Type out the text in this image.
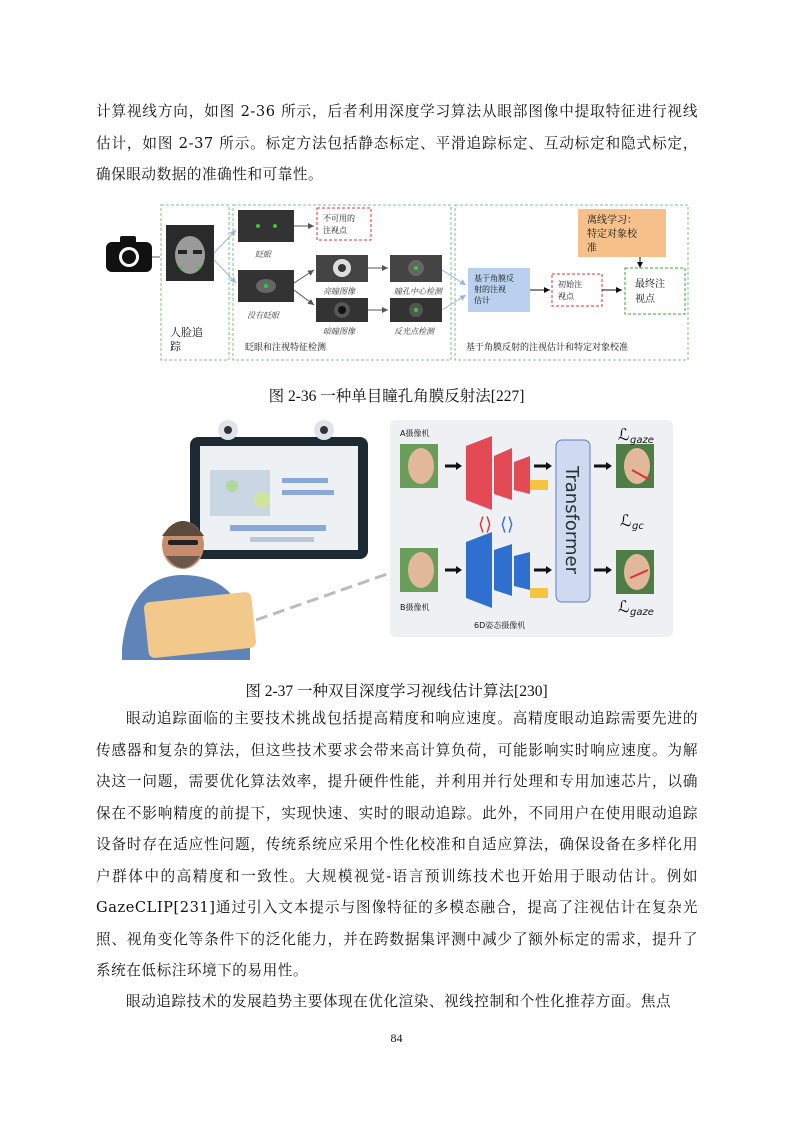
计算视线方向，如图 2-36 所示，后者利用深度学习算法从眼部图像中提取特征进行视线估计，如图 2-37 所示。标定方法包括静态标定、平滑追踪标定、互动标定和隐式标定，确保眼动数据的准确性和可靠性。

人脸追
踪
眨眼
没有眨眼
不可用的
注视点
亮瞳图像
暗瞳图像
瞳孔中心检测
反光点检测
眨眼和注视特征检测
基于角膜反
射的注视
估计
初始注
视点
离线学习：
特定对象校
准
最终注
视点
基于角膜反射的注视估计和特定对象校准
图 2-36 一种单目瞳孔角膜反射法[227]
A摄像机
Transformer
⟨⟩ ⟨⟩
B摄像机
6D姿态摄像机
ℒ gaze
ℒ gc
ℒ gaze
图 2-37 一种双目深度学习视线估计算法[230]

眼动追踪面临的主要技术挑战包括提高精度和响应速度。高精度眼动追踪需要先进的传感器和复杂的算法，但这些技术要求会带来高计算负荷，可能影响实时响应速度。为解决这一问题，需要优化算法效率，提升硬件性能，并利用并行处理和专用加速芯片，以确保在不影响精度的前提下，实现快速、实时的眼动追踪。此外，不同用户在使用眼动追踪设备时存在适应性问题，传统系统应采用个性化校准和自适应算法，确保设备在多样化用户群体中的高精度和一致性。大规模视觉-语言预训练技术也开始用于眼动估计。例如 GazeCLIP[231]通过引入文本提示与图像特征的多模态融合，提高了注视估计在复杂光照、视角变化等条件下的泛化能力，并在跨数据集评测中减少了额外标定的需求，提升了系统在低标注环境下的易用性。

眼动追踪技术的发展趋势主要体现在优化渲染、视线控制和个性化推荐方面。焦点

84
